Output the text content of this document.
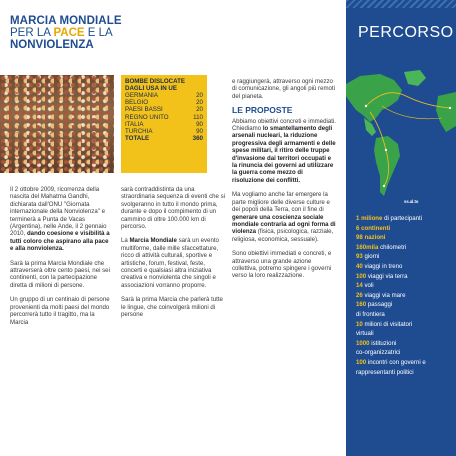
MARCIA MONDIALE
PER LA PACE E LA
NONVIOLENZA
BOMBE DISLOCATE DAGLI USA IN UE
GERMANIA	20
BELGIO	20
PAESI BASSI	20
REGNO UNITO	110
ITALIA	90
TURCHIA	90
TOTALE	360

Il 2 ottobre 2009, ricorrenza della nascita del Mahatma Gandhi, dichiarata dall'ONU "Giornata internazionale della Nonviolenza" e terminerà a Punta de Vacas (Argentina), nelle Ande, il 2 gennaio 2010, dando coesione e visibilità a tutti coloro che aspirano alla pace e alla nonviolenza.

Sarà la prima Marcia Mondiale che attraverserà oltre cento paesi, nei sei continenti, con la partecipazione diretta di milioni di persone.

Un gruppo di un centinaio di persone provenienti da molti paesi del mondo percorrerà tutto il tragitto, ma la Marcia

sarà contraddistinta da una straordinaria sequenza di eventi che si svolgeranno in tutto il mondo prima, durante e dopo il compimento di un cammino di oltre 100.000 km di percorso.

La Marcia Mondiale sarà un evento multiforme, dalle mille sfaccettature, ricco di attività culturali, sportive e artistiche, forum, festival, feste, concerti e qualsiasi altra iniziativa creativa e nonviolenta che singoli e associazioni vorranno proporre.

Sarà la prima Marcia che parlerà tutte le lingue, che coinvolgerà milioni di persone

e raggiungerà, attraverso ogni mezzo di comunicazione, gli angoli più remoti del pianeta.

LE PROPOSTE

Abbiamo obiettivi concreti e immediati.
Chiediamo lo smantellamento degli arsenali nucleari, la riduzione progressiva degli armamenti e delle spese militari, il ritiro delle truppe d'invasione dai territori occupati e la rinuncia dei governi ad utilizzare la guerra come mezzo di risoluzione dei conflitti.

Ma vogliamo anche far emergere la parte migliore delle diverse culture e dei popoli della Terra, con il fine di generare una coscienza sociale mondiale contraria ad ogni forma di violenza (fisica, psicologica, razziale, religiosa, economica, sessuale).

Sono obiettivi immediati e concreti, e attraverso una grande azione collettiva, potremo spingere i governi verso la loro realizzazione.

PERCORSO
ss.al.to
1 milione di partecipanti
6 continenti
98 nazioni
160mila chilometri
93 giorni
40 viaggi in treno
100 viaggi via terra
14 voli
26 viaggi via mare
160 passaggi
di frontiera
10 milioni di visitatori
virtuali
1000 istituzioni
co-organizzatrici
100 incontri con governi e
rappresentanti politici
